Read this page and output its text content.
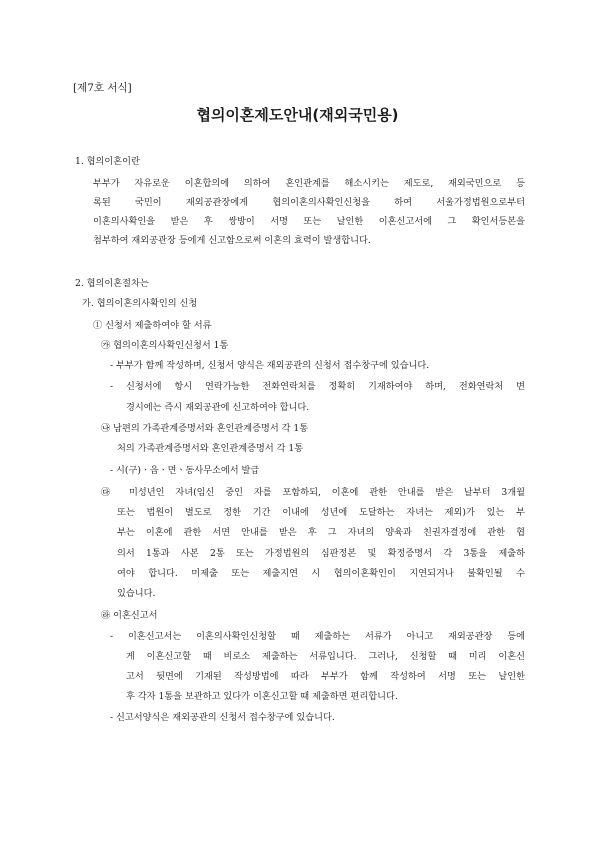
[제7호 서식]
협의이혼제도안내(재외국민용)
1. 협의이혼이란
부부가 자유로운 이혼합의에 의하여 혼인관계를 해소시키는 제도로, 재외국민으로 등
록된 국민이 재외공관장에게 협의이혼의사확인신청을 하여 서울가정법원으로부터
이혼의사확인을 받은 후 쌍방이 서명 또는 날인한 이혼신고서에 그 확인서등본을
첨부하여 재외공관장 등에게 신고함으로써 이혼의 효력이 발생합니다.
2. 협의이혼절차는
가. 협의이혼의사확인의 신청
① 신청서 제출하여야 할 서류
㉮ 협의이혼의사확인신청서 1통
- 부부가 함께 작성하며, 신청서 양식은 재외공관의 신청서 접수창구에 있습니다.
- 신청서에 항시 연락가능한 전화연락처를 정확히 기재하여야 하며, 전화연락처 변
경시에는 즉시 재외공관에 신고하여야 합니다.
㉯ 남편의 가족관계증명서와 혼인관계증명서 각 1통
처의 가족관계증명서와 혼인관계증명서 각 1통
- 시(구)ㆍ읍ㆍ면ㆍ동사무소에서 발급
㉰ 미성년인 자녀(임신 중인 자를 포함하되, 이혼에 관한 안내를 받은 날부터 3개월
또는 법원이 별도로 정한 기간 이내에 성년에 도달하는 자녀는 제외)가 있는 부
부는 이혼에 관한 서면 안내를 받은 후 그 자녀의 양육과 친권자결정에 관한 협
의서 1통과 사본 2통 또는 가정법원의 심판정본 및 확정증명서 각 3통을 제출하
여야 합니다. 미제출 또는 제출지연 시 협의이혼확인이 지연되거나 불확인될 수
있습니다.
㉱ 이혼신고서
- 이혼신고서는 이혼의사확인신청할 때 제출하는 서류가 아니고 재외공관장 등에
게 이혼신고할 때 비로소 제출하는 서류입니다. 그러나, 신청할 때 미리 이혼신
고서 뒷면에 기재된 작성방법에 따라 부부가 함께 작성하여 서명 또는 날인한
후 각자 1통을 보관하고 있다가 이혼신고할 때 제출하면 편리합니다.
- 신고서양식은 재외공관의 신청서 접수창구에 있습니다.
